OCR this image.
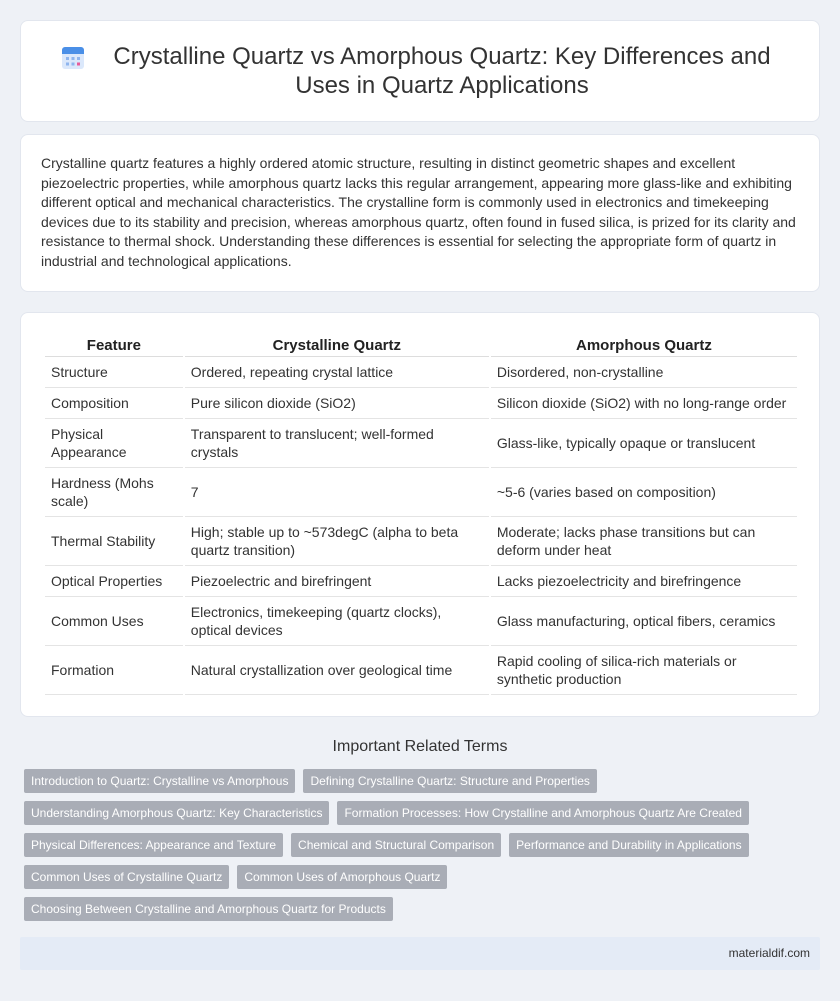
Crystalline Quartz vs Amorphous Quartz: Key Differences and Uses in Quartz Applications

Crystalline quartz features a highly ordered atomic structure, resulting in distinct geometric shapes and excellent piezoelectric properties, while amorphous quartz lacks this regular arrangement, appearing more glass-like and exhibiting different optical and mechanical characteristics. The crystalline form is commonly used in electronics and timekeeping devices due to its stability and precision, whereas amorphous quartz, often found in fused silica, is prized for its clarity and resistance to thermal shock. Understanding these differences is essential for selecting the appropriate form of quartz in industrial and technological applications.

Feature	Crystalline Quartz	Amorphous Quartz
Structure	Ordered, repeating crystal lattice	Disordered, non-crystalline
Composition	Pure silicon dioxide (SiO2)	Silicon dioxide (SiO2) with no long-range order
Physical Appearance	Transparent to translucent; well-formed crystals	Glass-like, typically opaque or translucent
Hardness (Mohs scale)	7	~5-6 (varies based on composition)
Thermal Stability	High; stable up to ~573degC (alpha to beta quartz transition)	Moderate; lacks phase transitions but can deform under heat
Optical Properties	Piezoelectric and birefringent	Lacks piezoelectricity and birefringence
Common Uses	Electronics, timekeeping (quartz clocks), optical devices	Glass manufacturing, optical fibers, ceramics
Formation	Natural crystallization over geological time	Rapid cooling of silica-rich materials or synthetic production
Important Related Terms
Introduction to Quartz: Crystalline vs Amorphous	Defining Crystalline Quartz: Structure and Properties
Understanding Amorphous Quartz: Key Characteristics	Formation Processes: How Crystalline and Amorphous Quartz Are Created
Physical Differences: Appearance and Texture	Chemical and Structural Comparison	Performance and Durability in Applications
Common Uses of Crystalline Quartz	Common Uses of Amorphous Quartz
Choosing Between Crystalline and Amorphous Quartz for Products
materialdif.com
